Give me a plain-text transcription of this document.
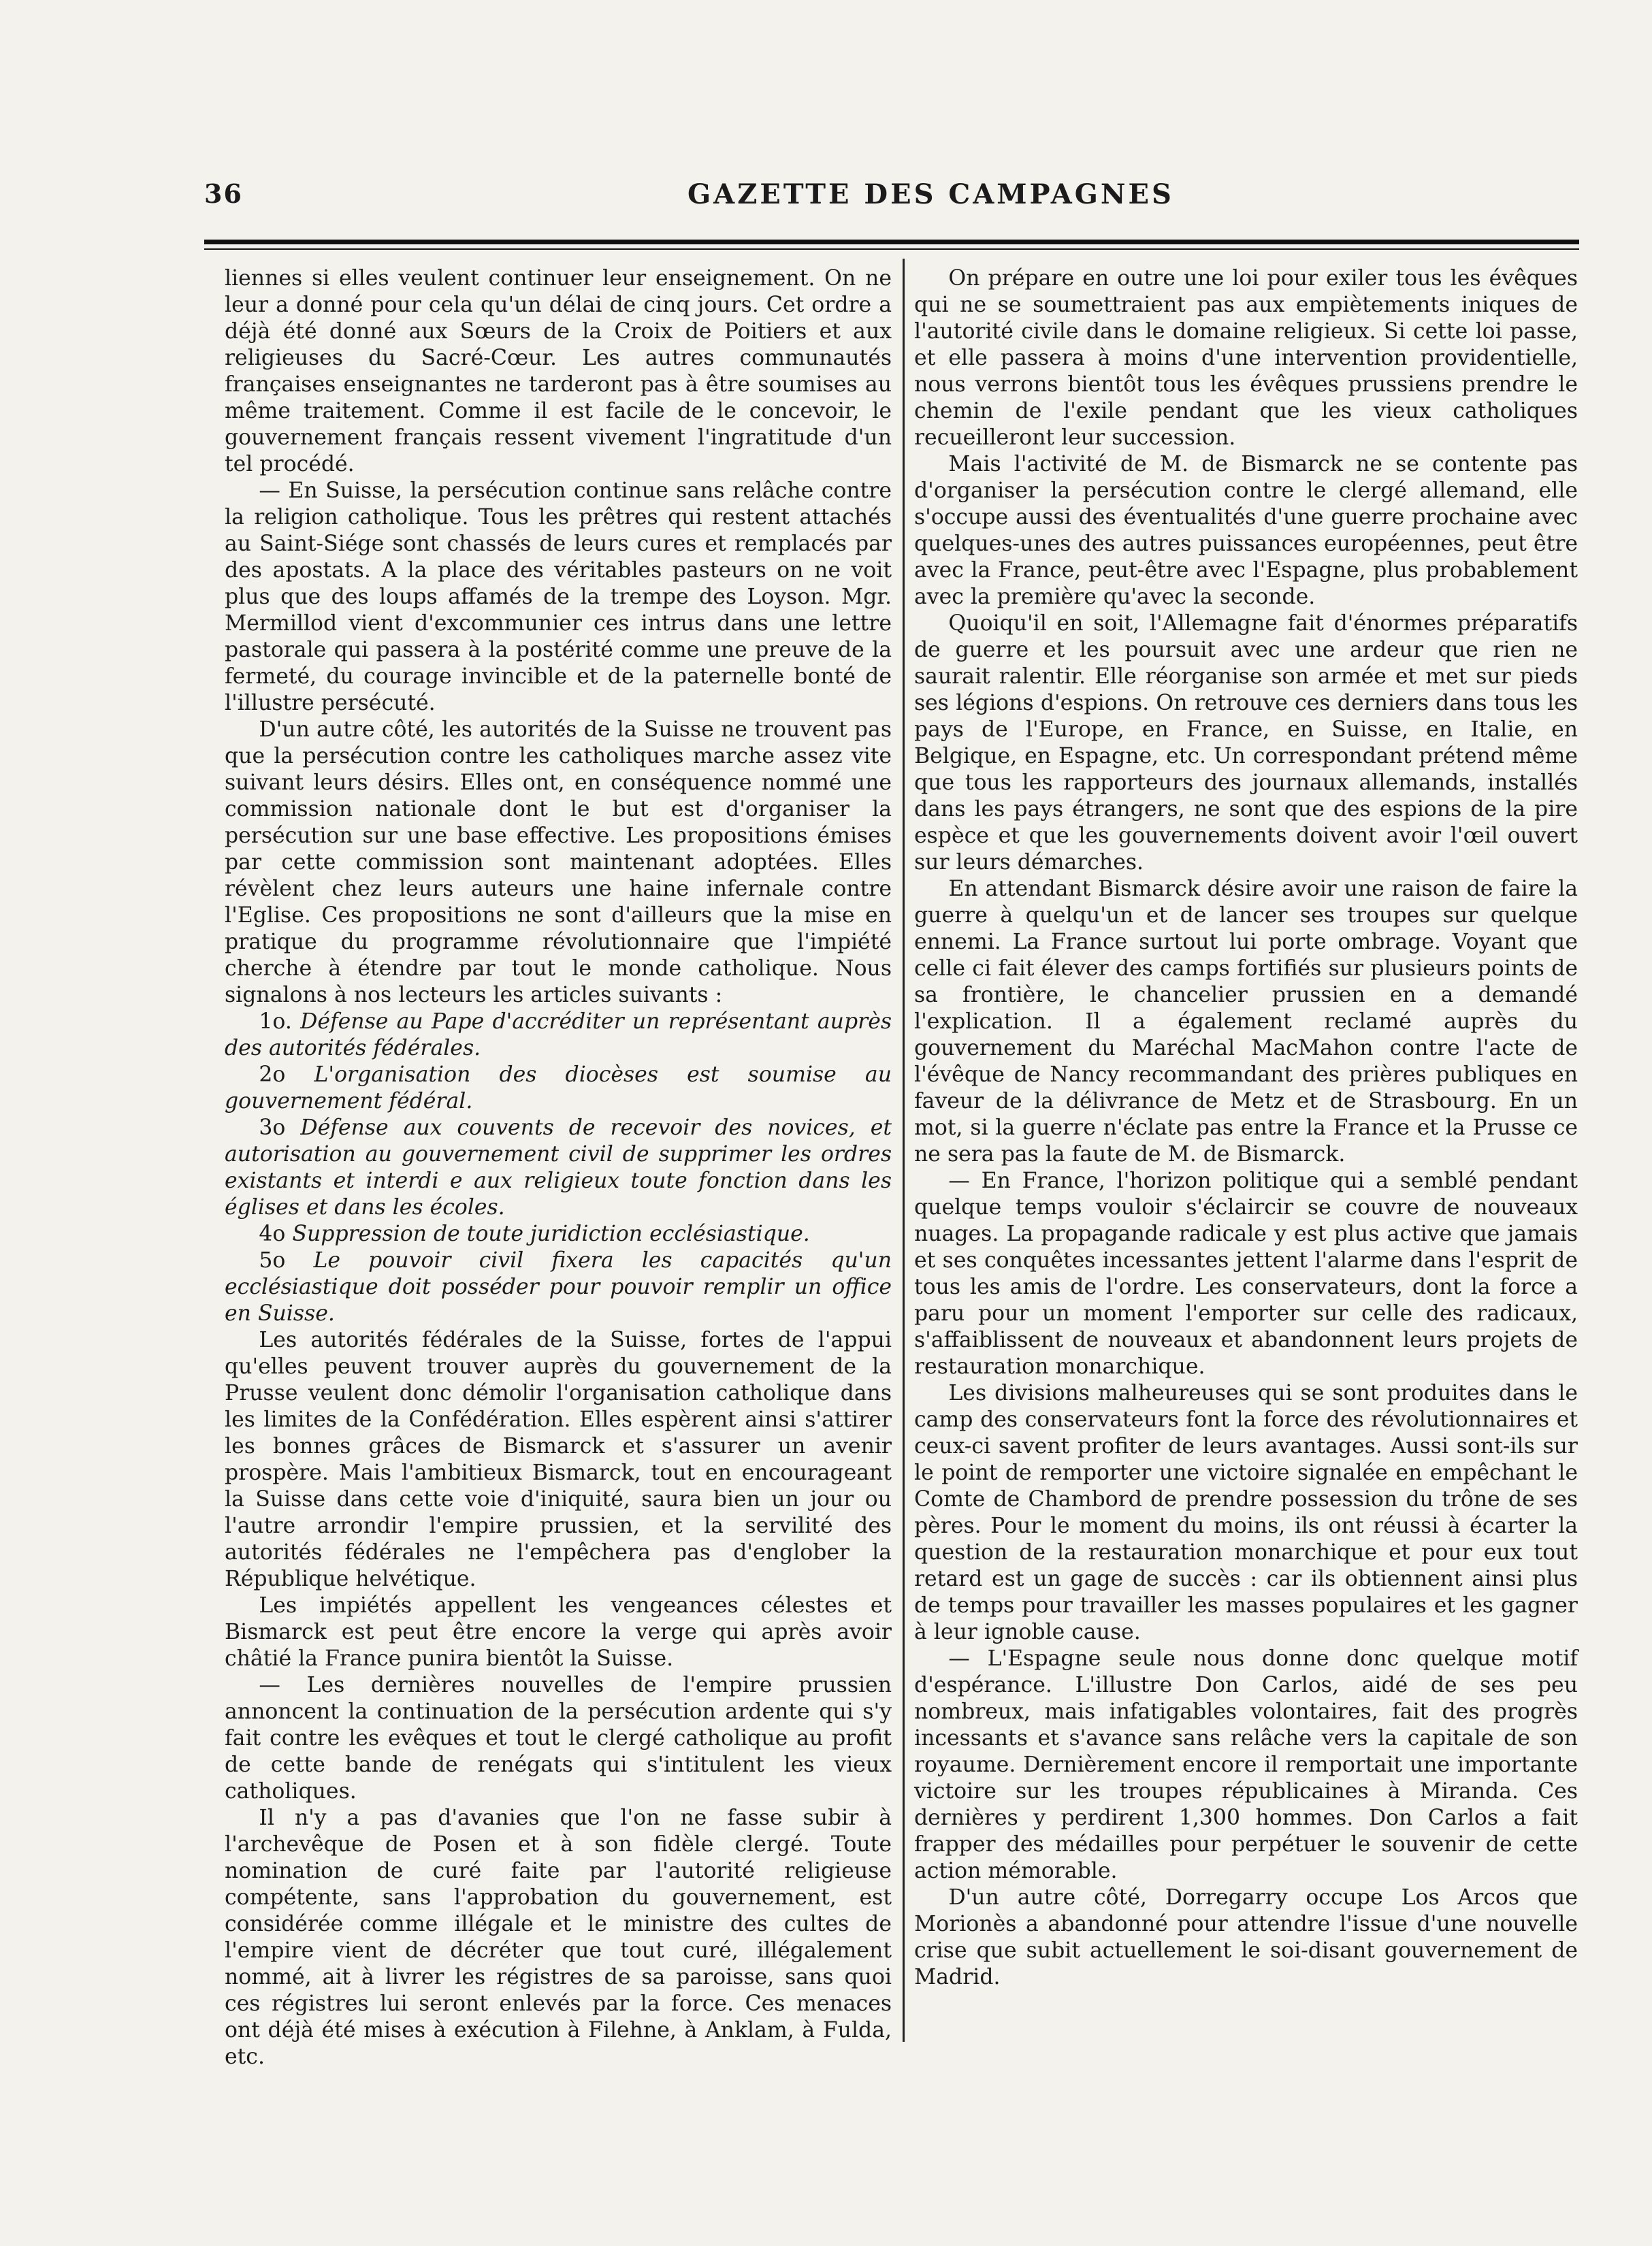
36	GAZETTE DES CAMPAGNES

liennes si elles veulent continuer leur enseignement. On ne leur a donné pour cela qu'un délai de cinq jours. Cet ordre a déjà été donné aux Sœurs de la Croix de Poitiers et aux religieuses du Sacré-Cœur. Les autres communautés françaises enseignantes ne tarderont pas à être soumises au même traitement. Comme il est facile de le concevoir, le gouvernement français ressent vivement l'ingratitude d'un tel procédé.

— En Suisse, la persécution continue sans relâche contre la religion catholique. Tous les prêtres qui restent attachés au Saint-Siége sont chassés de leurs cures et remplacés par des apostats. A la place des véritables pasteurs on ne voit plus que des loups affamés de la trempe des Loyson. Mgr. Mermillod vient d'excommunier ces intrus dans une lettre pastorale qui passera à la postérité comme une preuve de la fermeté, du courage invincible et de la paternelle bonté de l'illustre persécuté.

D'un autre côté, les autorités de la Suisse ne trouvent pas que la persécution contre les catholiques marche assez vite suivant leurs désirs. Elles ont, en conséquence nommé une commission nationale dont le but est d'organiser la persécution sur une base effective. Les propositions émises par cette commission sont maintenant adoptées. Elles révèlent chez leurs auteurs une haine infernale contre l'Eglise. Ces propositions ne sont d'ailleurs que la mise en pratique du programme révolutionnaire que l'impiété cherche à étendre par tout le monde catholique. Nous signalons à nos lecteurs les articles suivants :

1o. Défense au Pape d'accréditer un représentant auprès des autorités fédérales.

2o L'organisation des diocèses est soumise au gouvernement fédéral.

3o Défense aux couvents de recevoir des novices, et autorisation au gouvernement civil de supprimer les ordres existants et interdi e aux religieux toute fonction dans les églises et dans les écoles.

4o Suppression de toute juridiction ecclésiastique.

5o Le pouvoir civil fixera les capacités qu'un ecclésiastique doit posséder pour pouvoir remplir un office en Suisse.

Les autorités fédérales de la Suisse, fortes de l'appui qu'elles peuvent trouver auprès du gouvernement de la Prusse veulent donc démolir l'organisation catholique dans les limites de la Confédération. Elles espèrent ainsi s'attirer les bonnes grâces de Bismarck et s'assurer un avenir prospère. Mais l'ambitieux Bismarck, tout en encourageant la Suisse dans cette voie d'iniquité, saura bien un jour ou l'autre arrondir l'empire prussien, et la servilité des autorités fédérales ne l'empêchera pas d'englober la République helvétique.

Les impiétés appellent les vengeances célestes et Bismarck est peut être encore la verge qui après avoir châtié la France punira bientôt la Suisse.

— Les dernières nouvelles de l'empire prussien annoncent la continuation de la persécution ardente qui s'y fait contre les evêques et tout le clergé catholique au profit de cette bande de renégats qui s'intitulent les vieux catholiques.

Il n'y a pas d'avanies que l'on ne fasse subir à l'archevêque de Posen et à son fidèle clergé. Toute nomination de curé faite par l'autorité religieuse compétente, sans l'approbation du gouvernement, est considérée comme illégale et le ministre des cultes de l'empire vient de décréter que tout curé, illégalement nommé, ait à livrer les régistres de sa paroisse, sans quoi ces régistres lui seront enlevés par la force. Ces menaces ont déjà été mises à exécution à Filehne, à Anklam, à Fulda, etc.

On prépare en outre une loi pour exiler tous les évêques qui ne se soumettraient pas aux empiètements iniques de l'autorité civile dans le domaine religieux. Si cette loi passe, et elle passera à moins d'une intervention providentielle, nous verrons bientôt tous les évêques prussiens prendre le chemin de l'exile pendant que les vieux catholiques recueilleront leur succession.

Mais l'activité de M. de Bismarck ne se contente pas d'organiser la persécution contre le clergé allemand, elle s'occupe aussi des éventualités d'une guerre prochaine avec quelques-unes des autres puissances européennes, peut être avec la France, peut-être avec l'Espagne, plus probablement avec la première qu'avec la seconde.

Quoiqu'il en soit, l'Allemagne fait d'énormes préparatifs de guerre et les poursuit avec une ardeur que rien ne saurait ralentir. Elle réorganise son armée et met sur pieds ses légions d'espions. On retrouve ces derniers dans tous les pays de l'Europe, en France, en Suisse, en Italie, en Belgique, en Espagne, etc. Un correspondant prétend même que tous les rapporteurs des journaux allemands, installés dans les pays étrangers, ne sont que des espions de la pire espèce et que les gouvernements doivent avoir l'œil ouvert sur leurs démarches.

En attendant Bismarck désire avoir une raison de faire la guerre à quelqu'un et de lancer ses troupes sur quelque ennemi. La France surtout lui porte ombrage. Voyant que celle ci fait élever des camps fortifiés sur plusieurs points de sa frontière, le chancelier prussien en a demandé l'explication. Il a également reclamé auprès du gouvernement du Maréchal MacMahon contre l'acte de l'évêque de Nancy recommandant des prières publiques en faveur de la délivrance de Metz et de Strasbourg. En un mot, si la guerre n'éclate pas entre la France et la Prusse ce ne sera pas la faute de M. de Bismarck.

— En France, l'horizon politique qui a semblé pendant quelque temps vouloir s'éclaircir se couvre de nouveaux nuages. La propagande radicale y est plus active que jamais et ses conquêtes incessantes jettent l'alarme dans l'esprit de tous les amis de l'ordre. Les conservateurs, dont la force a paru pour un moment l'emporter sur celle des radicaux, s'affaiblissent de nouveaux et abandonnent leurs projets de restauration monarchique.

Les divisions malheureuses qui se sont produites dans le camp des conservateurs font la force des révolutionnaires et ceux-ci savent profiter de leurs avantages. Aussi sont-ils sur le point de remporter une victoire signalée en empêchant le Comte de Chambord de prendre possession du trône de ses pères. Pour le moment du moins, ils ont réussi à écarter la question de la restauration monarchique et pour eux tout retard est un gage de succès : car ils obtiennent ainsi plus de temps pour travailler les masses populaires et les gagner à leur ignoble cause.

— L'Espagne seule nous donne donc quelque motif d'espérance. L'illustre Don Carlos, aidé de ses peu nombreux, mais infatigables volontaires, fait des progrès incessants et s'avance sans relâche vers la capitale de son royaume. Dernièrement encore il remportait une importante victoire sur les troupes républicaines à Miranda. Ces dernières y perdirent 1,300 hommes. Don Carlos a fait frapper des médailles pour perpétuer le souvenir de cette action mémorable.

D'un autre côté, Dorregarry occupe Los Arcos que Morionès a abandonné pour attendre l'issue d'une nouvelle crise que subit actuellement le soi-disant gouvernement de Madrid.
